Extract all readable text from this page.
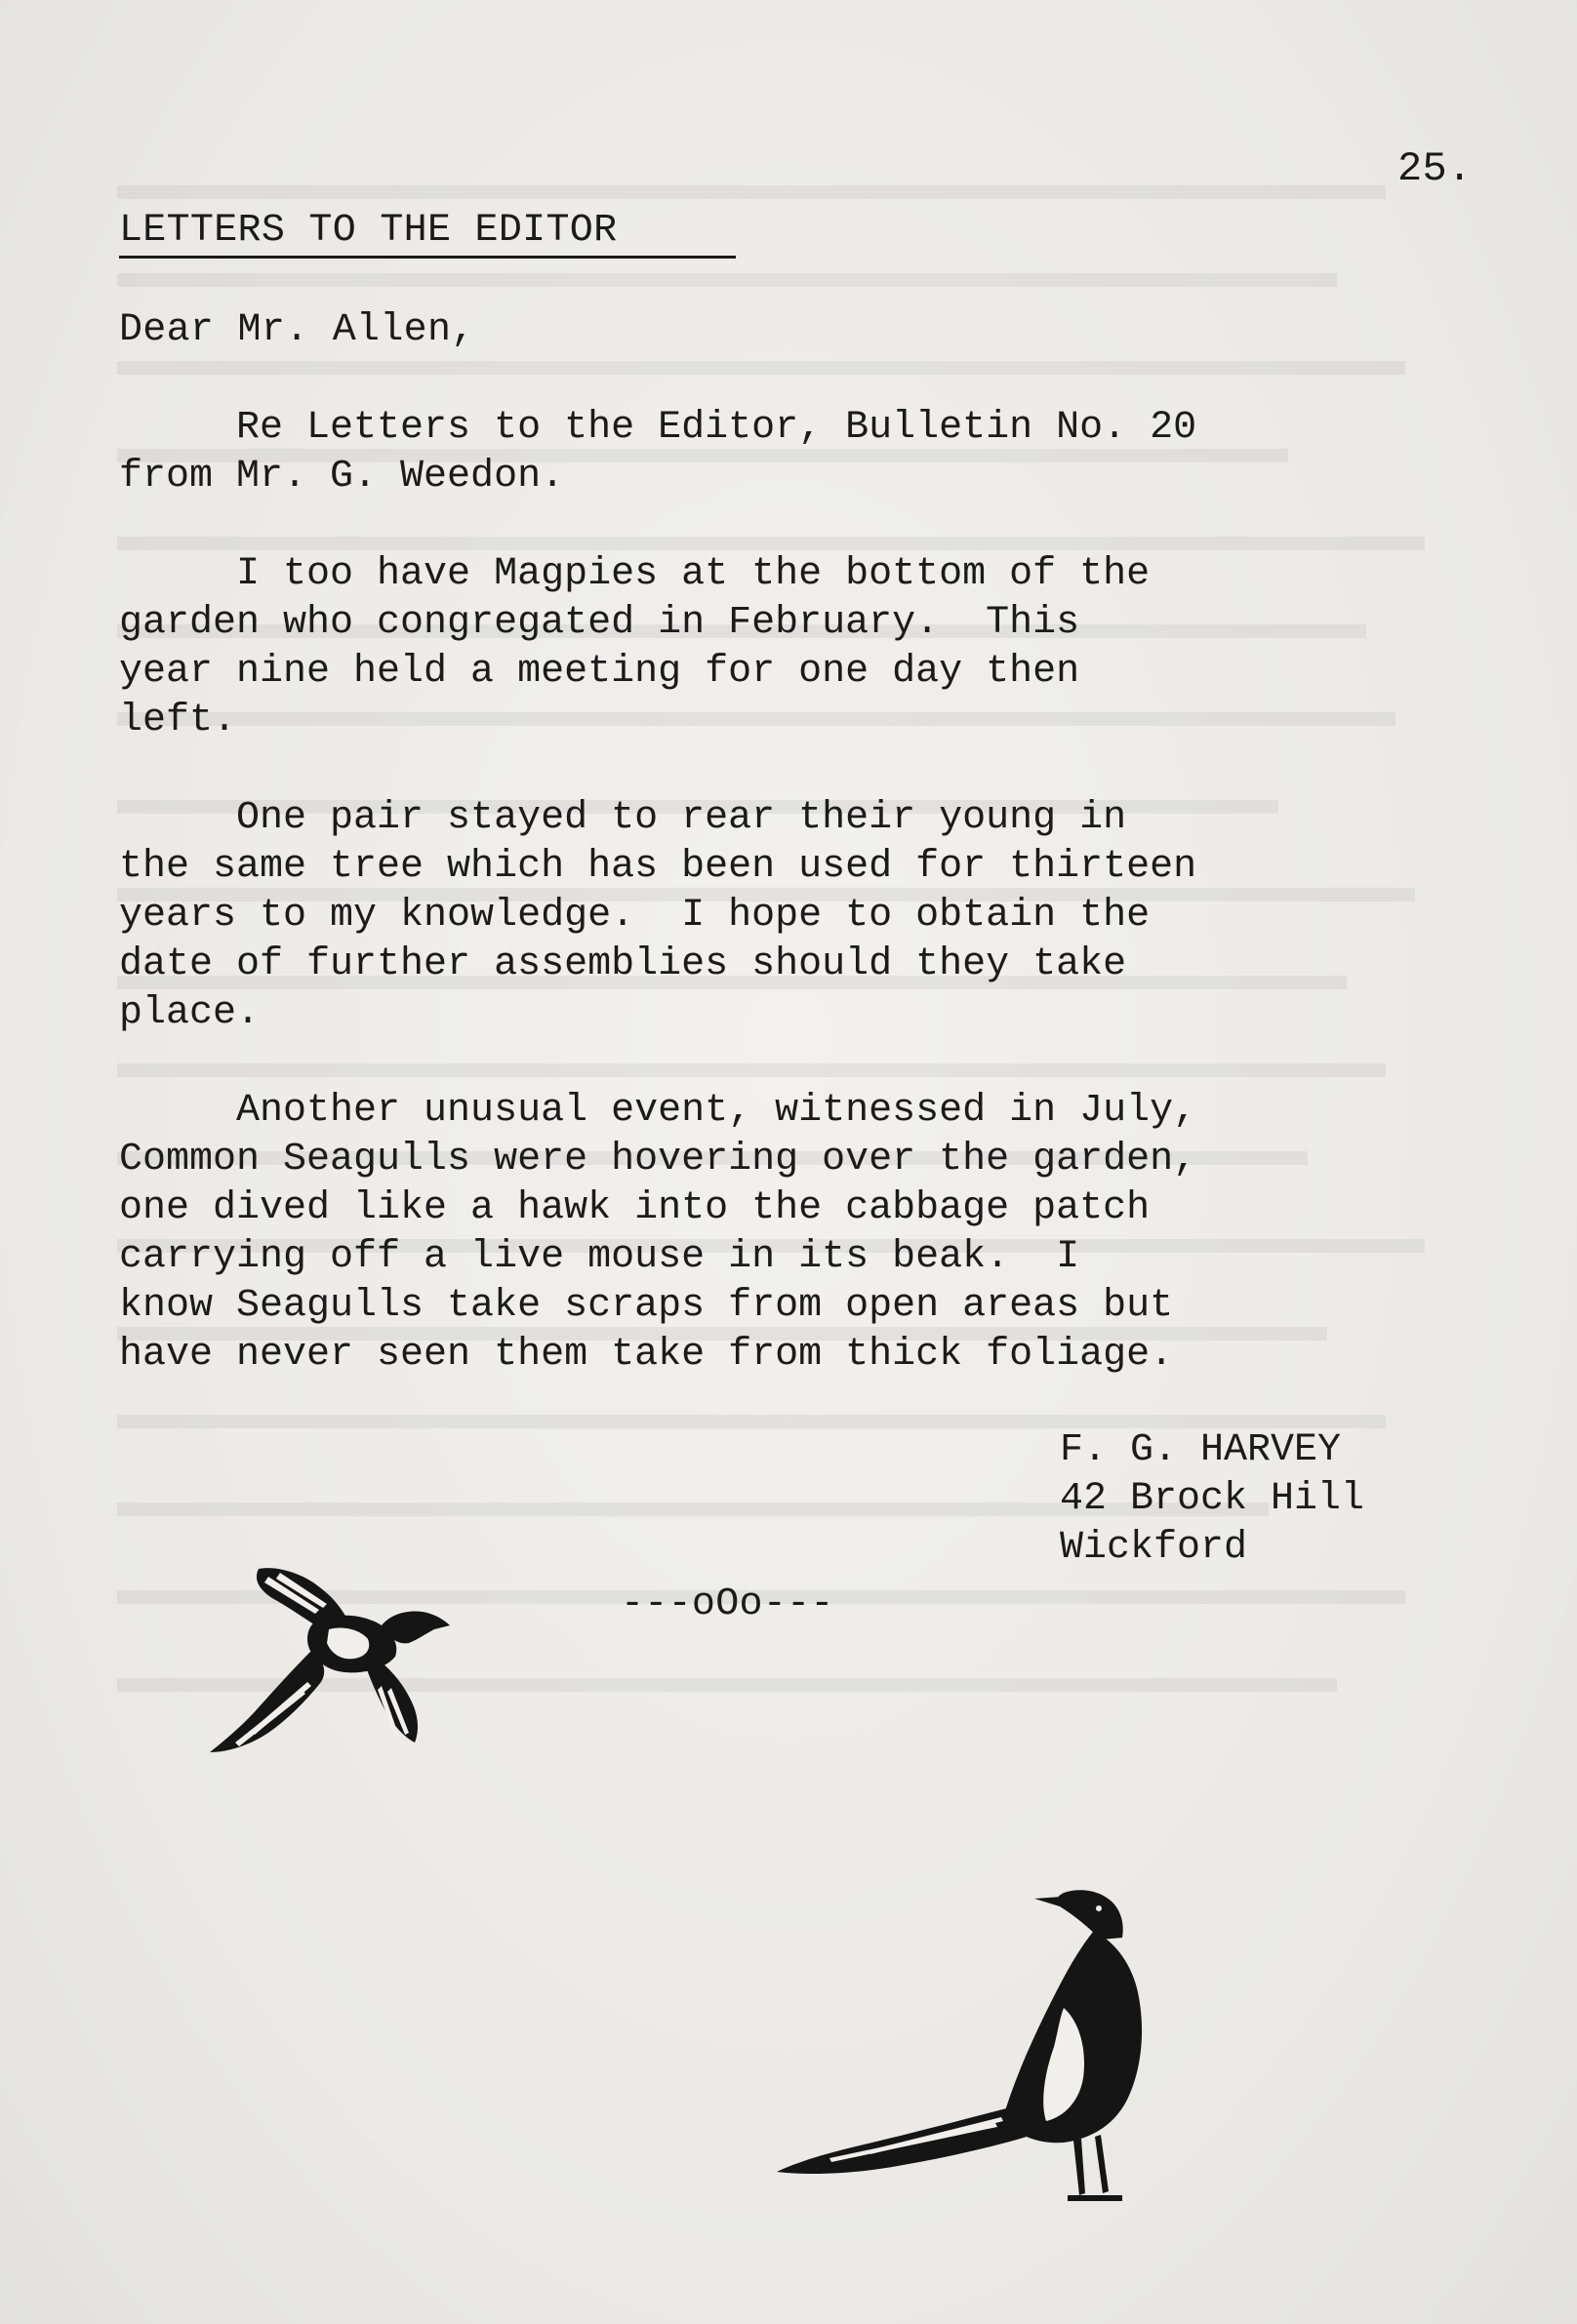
25.
LETTERS TO THE EDITOR
Dear Mr. Allen,
Re Letters to the Editor, Bulletin No. 20
from Mr. G. Weedon.
I too have Magpies at the bottom of the
garden who congregated in February.  This
year nine held a meeting for one day then
left.
One pair stayed to rear their young in
the same tree which has been used for thirteen
years to my knowledge.  I hope to obtain the
date of further assemblies should they take
place.
Another unusual event, witnessed in July,
Common Seagulls were hovering over the garden,
one dived like a hawk into the cabbage patch
carrying off a live mouse in its beak.  I
know Seagulls take scraps from open areas but
have never seen them take from thick foliage.
F. G. HARVEY
42 Brock Hill
Wickford
---oOo---
